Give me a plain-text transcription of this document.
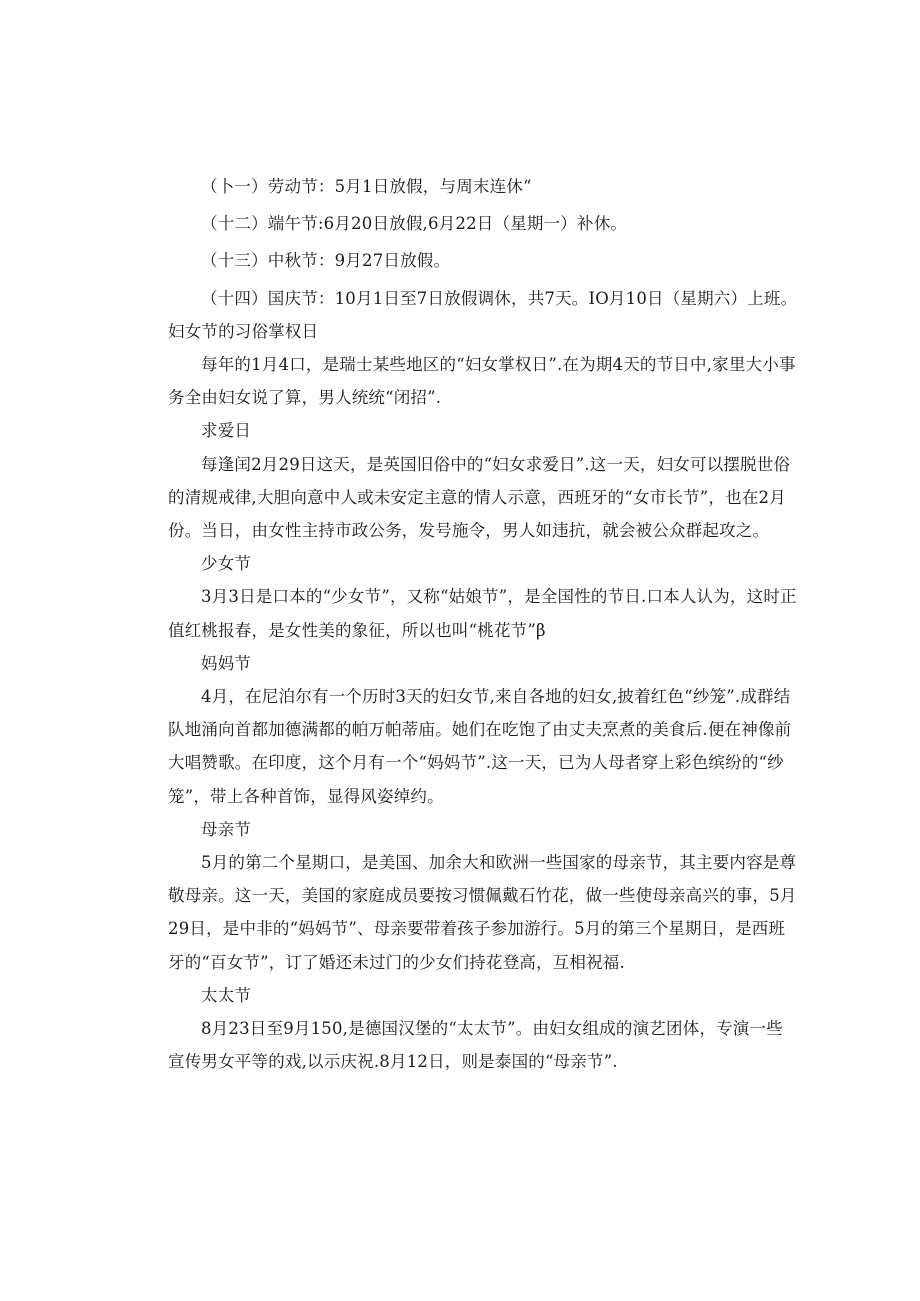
（卜一）劳动节：5月1日放假，与周末连休“

（十二）端午节:6月20日放假,6月22日（星期一）补休。

（十三）中秋节：9月27日放假。

（十四）国庆节：10月1日至7日放假调休，共7天。IO月10日（星期六）上班。妇女节的习俗掌权日

每年的1月4口，是瑞士某些地区的“妇女掌权日”.在为期4天的节日中,家里大小事务全由妇女说了算，男人统统“闭招”.

求爱日

每逢闰2月29日这天，是英国旧俗中的“妇女求爱日”.这一天，妇女可以摆脱世俗的清规戒律,大胆向意中人或未安定主意的情人示意，西班牙的“女市长节”，也在2月份。当日，由女性主持市政公务，发号施令，男人如违抗，就会被公众群起攻之。

少女节

3月3日是口本的“少女节”，又称“姑娘节”，是全国性的节日.口本人认为，这时正值红桃报春，是女性美的象征，所以也叫“桃花节”β

妈妈节

4月，在尼泊尔有一个历时3天的妇女节,来自各地的妇女,披着红色“纱笼”.成群结队地涌向首都加德满都的帕万帕蒂庙。她们在吃饱了由丈夫烹煮的美食后.便在神像前大唱赞歌。在印度，这个月有一个“妈妈节”.这一天，已为人母者穿上彩色缤纷的“纱笼”，带上各种首饰，显得风姿绰约。

母亲节

5月的第二个星期口，是美国、加余大和欧洲一些国家的母亲节，其主要内容是尊敬母亲。这一天，美国的家庭成员要按习惯佩戴石竹花，做一些使母亲高兴的事，5月29日，是中非的“妈妈节”、母亲要带着孩子参加游行。5月的第三个星期日，是西班牙的“百女节”，订了婚还未过门的少女们持花登高，互相祝福.

太太节

8月23日至9月150,是德国汉堡的“太太节”。由妇女组成的演艺团体，专演一些宣传男女平等的戏,以示庆祝.8月12日，则是泰国的“母亲节”.
